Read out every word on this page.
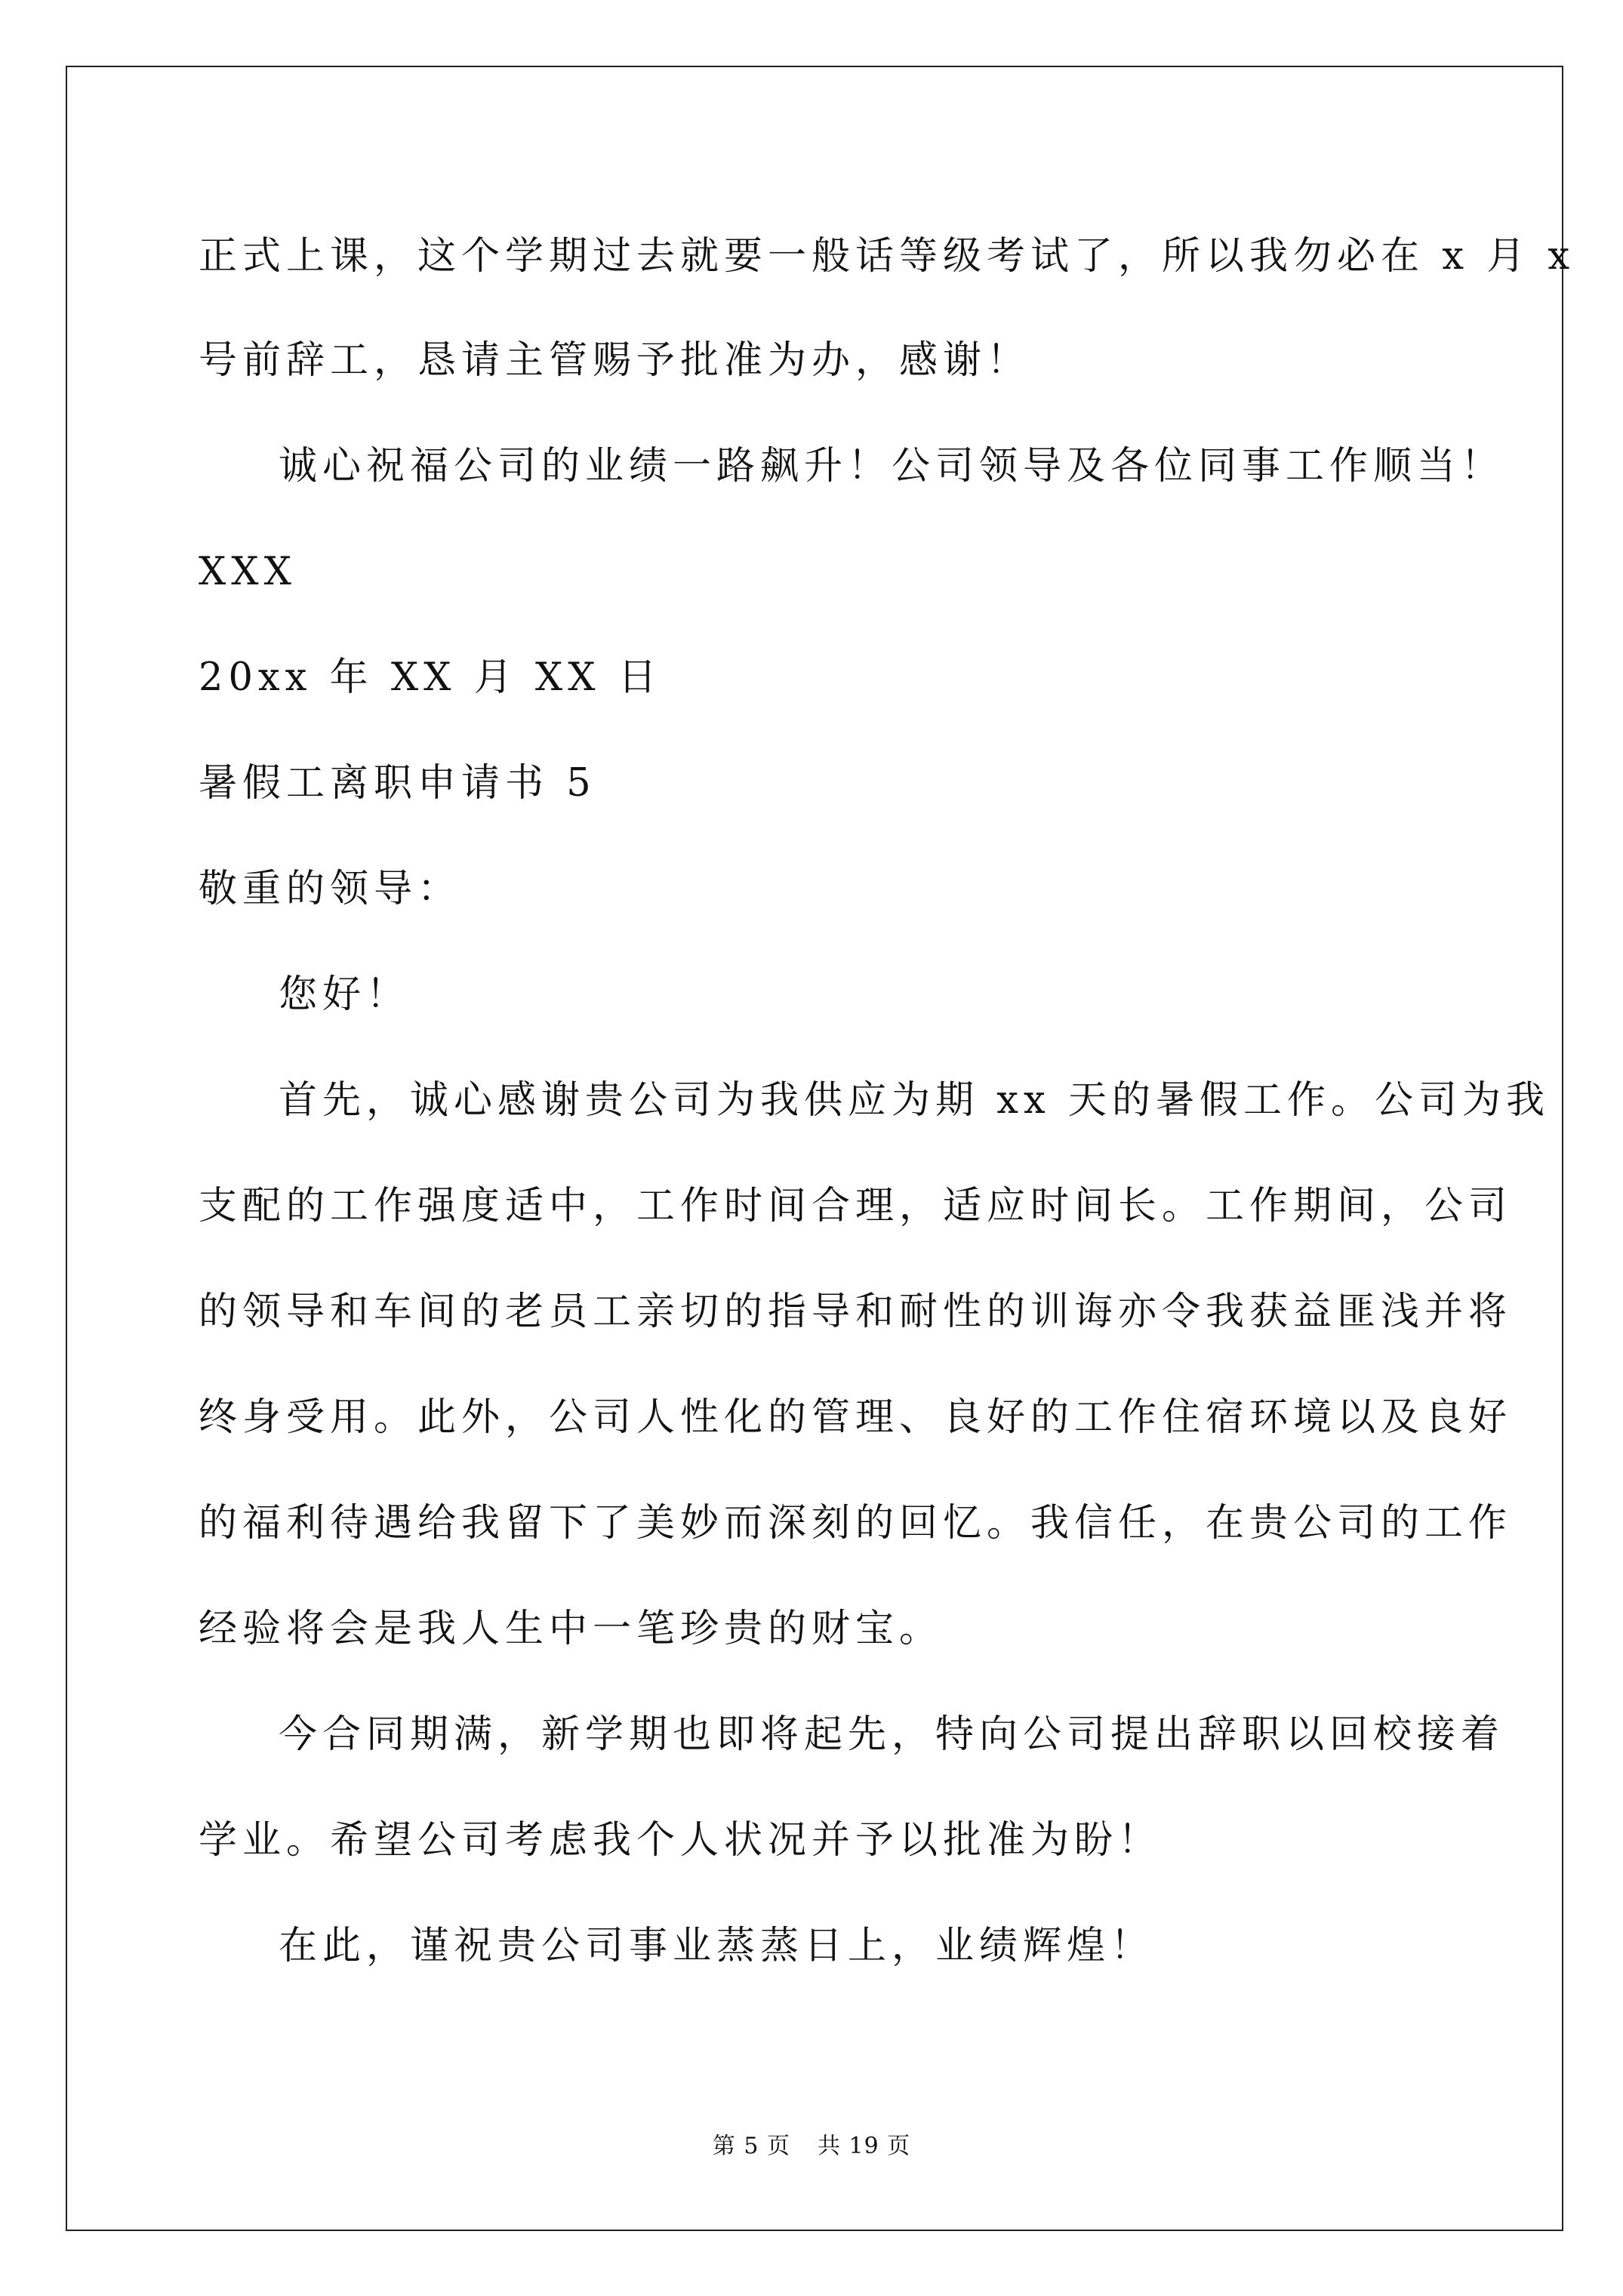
正式上课，这个学期过去就要一般话等级考试了，所以我勿必在 x 月 x
号前辞工，恳请主管赐予批准为办，感谢！
诚心祝福公司的业绩一路飙升！公司领导及各位同事工作顺当！
XXX
20xx 年 XX 月 XX 日
暑假工离职申请书 5
敬重的领导：
您好！
首先，诚心感谢贵公司为我供应为期 xx 天的暑假工作。公司为我
支配的工作强度适中，工作时间合理，适应时间长。工作期间，公司
的领导和车间的老员工亲切的指导和耐性的训诲亦令我获益匪浅并将
终身受用。此外，公司人性化的管理、良好的工作住宿环境以及良好
的福利待遇给我留下了美妙而深刻的回忆。我信任，在贵公司的工作
经验将会是我人生中一笔珍贵的财宝。
今合同期满，新学期也即将起先，特向公司提出辞职以回校接着
学业。希望公司考虑我个人状况并予以批准为盼！
在此，谨祝贵公司事业蒸蒸日上，业绩辉煌！
第 5 页 共 19 页
